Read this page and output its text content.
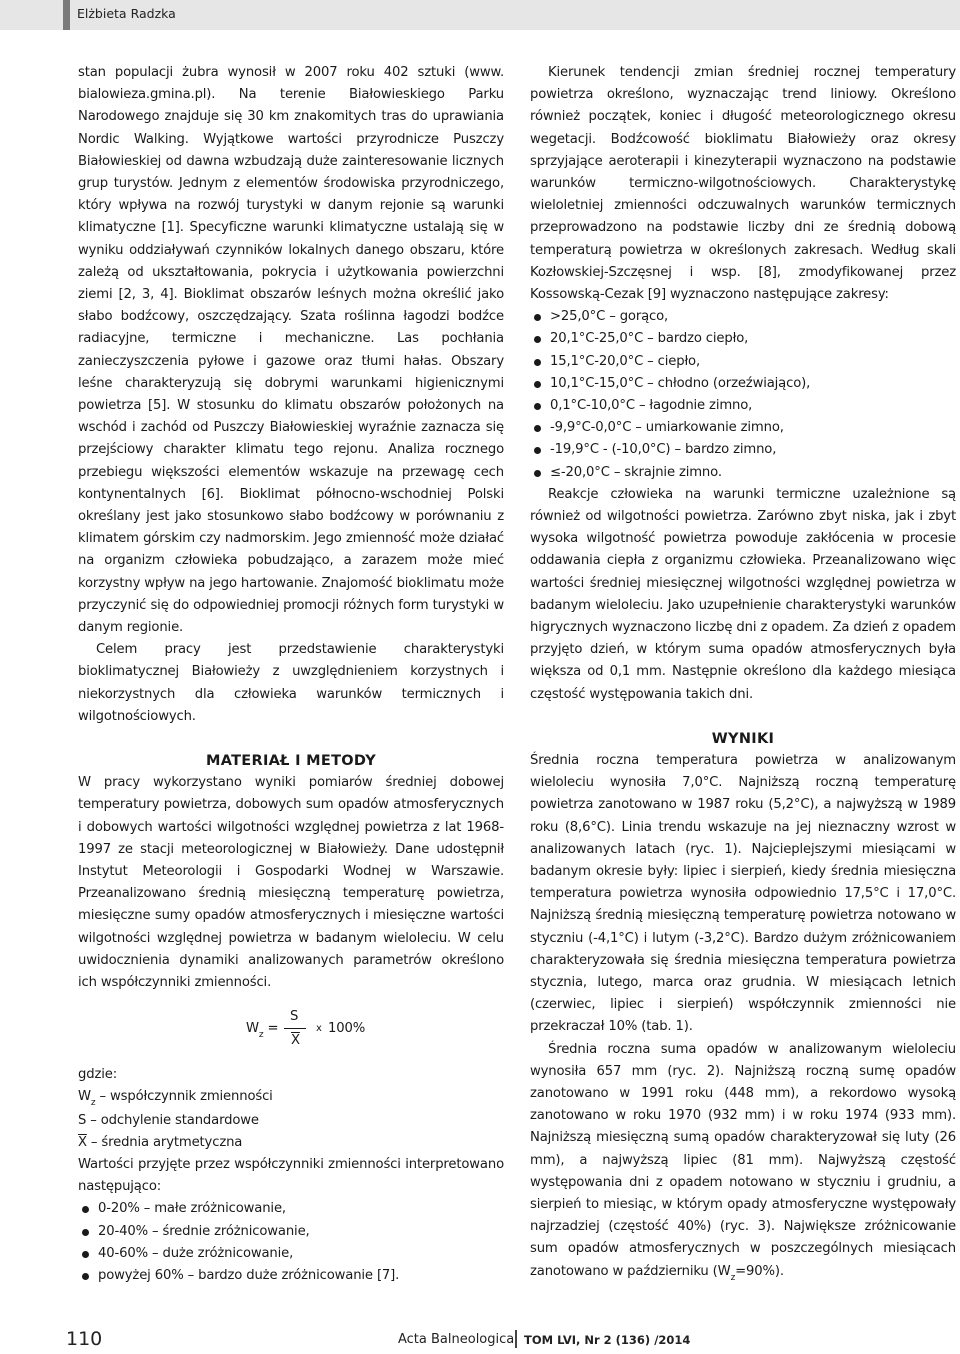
Elżbieta Radzka

stan populacji żubra wynosił w 2007 roku 402 sztuki (www. bialowieza.gmina.pl). Na terenie Białowieskiego Parku Narodowego znajduje się 30 km znakomitych tras do uprawiania Nordic Walking. Wyjątkowe wartości przyrodnicze Puszczy Białowieskiej od dawna wzbudzają duże zainteresowanie licznych grup turystów. Jednym z elementów środowiska przyrodniczego, który wpływa na rozwój turystyki w danym rejonie są warunki klimatyczne [1]. Specyficzne warunki klimatyczne ustalają się w wyniku oddziaływań czynników lokalnych danego obszaru, które zależą od ukształtowania, pokrycia i użytkowania powierzchni ziemi [2, 3, 4]. Bioklimat obszarów leśnych można określić jako słabo bodźcowy, oszczędzający. Szata roślinna łagodzi bodźce radiacyjne, termiczne i mechaniczne. Las pochłania zanieczyszczenia pyłowe i gazowe oraz tłumi hałas. Obszary leśne charakteryzują się dobrymi warunkami higienicznymi powietrza [5]. W stosunku do klimatu obszarów położonych na wschód i zachód od Puszczy Białowieskiej wyraźnie zaznacza się przejściowy charakter klimatu tego rejonu. Analiza rocznego przebiegu większości elementów wskazuje na przewagę cech kontynentalnych [6]. Bioklimat północno-wschodniej Polski określany jest jako stosunkowo słabo bodźcowy w porównaniu z klimatem górskim czy nadmorskim. Jego zmienność może działać na organizm człowieka pobudzająco, a zarazem może mieć korzystny wpływ na jego hartowanie. Znajomość bioklimatu może przyczynić się do odpowiedniej promocji różnych form turystyki w danym regionie.

Celem pracy jest przedstawienie charakterystyki bioklimatycznej Białowieży z uwzględnieniem korzystnych i niekorzystnych dla człowieka warunków termicznych i wilgotnościowych.

MATERIAŁ I METODY

W pracy wykorzystano wyniki pomiarów średniej dobowej temperatury powietrza, dobowych sum opadów atmosferycznych i dobowych wartości wilgotności względnej powietrza z lat 1968-1997 ze stacji meteorologicznej w Białowieży. Dane udostępnił Instytut Meteorologii i Gospodarki Wodnej w Warszawie. Przeanalizowano średnią miesięczną temperaturę powietrza, miesięczne sumy opadów atmosferycznych i miesięczne wartości wilgotności względnej powietrza w badanym wieloleciu. W celu uwidocznienia dynamiki analizowanych parametrów określono ich współczynniki zmienności.

$W_z$ =
S
$\overline{X}$
x 100%

gdzie:

$W_z$ – współczynnik zmienności

S – odchylenie standardowe

$\overline{X}$ – średnia arytmetyczna

Wartości przyjęte przez współczynniki zmienności interpretowano następująco:

0-20% – małe zróżnicowanie,
20-40% – średnie zróżnicowanie,
40-60% – duże zróżnicowanie,
powyżej 60% – bardzo duże zróżnicowanie [7].

Kierunek tendencji zmian średniej rocznej temperatury powietrza określono, wyznaczając trend liniowy. Określono również początek, koniec i długość meteorologicznego okresu wegetacji. Bodźcowość bioklimatu Białowieży oraz okresy sprzyjające aeroterapii i kinezyterapii wyznaczono na podstawie warunków termiczno-wilgotnościowych. Charakterystykę wieloletniej zmienności odczuwalnych warunków termicznych przeprowadzono na podstawie liczby dni ze średnią dobową temperaturą powietrza w określonych zakresach. Według skali Kozłowskiej-Szczęsnej i wsp. [8], zmodyfikowanej przez Kossowską-Cezak [9] wyznaczono następujące zakresy:

>25,0°C – gorąco,
20,1°C-25,0°C – bardzo ciepło,
15,1°C-20,0°C – ciepło,
10,1°C-15,0°C – chłodno (orzeźwiająco),
0,1°C-10,0°C – łagodnie zimno,
-9,9°C-0,0°C – umiarkowanie zimno,
-19,9°C - (-10,0°C) – bardzo zimno,
≤-20,0°C – skrajnie zimno.

Reakcje człowieka na warunki termiczne uzależnione są również od wilgotności powietrza. Zarówno zbyt niska, jak i zbyt wysoka wilgotność powietrza powoduje zakłócenia w procesie oddawania ciepła z organizmu człowieka. Przeanalizowano więc wartości średniej miesięcznej wilgotności względnej powietrza w badanym wieloleciu. Jako uzupełnienie charakterystyki warunków higrycznych wyznaczono liczbę dni z opadem. Za dzień z opadem przyjęto dzień, w którym suma opadów atmosferycznych była większa od 0,1 mm. Następnie określono dla każdego miesiąca częstość występowania takich dni.

WYNIKI

Średnia roczna temperatura powietrza w analizowanym wieloleciu wynosiła 7,0°C. Najniższą roczną temperaturę powietrza zanotowano w 1987 roku (5,2°C), a najwyższą w 1989 roku (8,6°C). Linia trendu wskazuje na jej nieznaczny wzrost w analizowanych latach (ryc. 1). Najcieplejszymi miesiącami w badanym okresie były: lipiec i sierpień, kiedy średnia miesięczna temperatura powietrza wynosiła odpowiednio 17,5°C i 17,0°C. Najniższą średnią miesięczną temperaturę powietrza notowano w styczniu (-4,1°C) i lutym (-3,2°C). Bardzo dużym zróżnicowaniem charakteryzowała się średnia miesięczna temperatura powietrza stycznia, lutego, marca oraz grudnia. W miesiącach letnich (czerwiec, lipiec i sierpień) współczynnik zmienności nie przekraczał 10% (tab. 1).

Średnia roczna suma opadów w analizowanym wieloleciu wynosiła 657 mm (ryc. 2). Najniższą roczną sumę opadów zanotowano w 1991 roku (448 mm), a rekordowo wysoką zanotowano w roku 1970 (932 mm) i w roku 1974 (933 mm). Najniższą miesięczną sumą opadów charakteryzował się luty (26 mm), a najwyższą lipiec (81 mm). Najwyższą częstość występowania dni z opadem notowano w styczniu i grudniu, a sierpień to miesiąc, w którym opady atmosferyczne występowały najrzadziej (częstość 40%) (ryc. 3). Największe zróżnicowanie sum opadów atmosferycznych w poszczególnych miesiącach zanotowano w październiku $(W_z=90\%)$.

110	Acta Balneologica TOM LVI, Nr 2 (136) /2014
